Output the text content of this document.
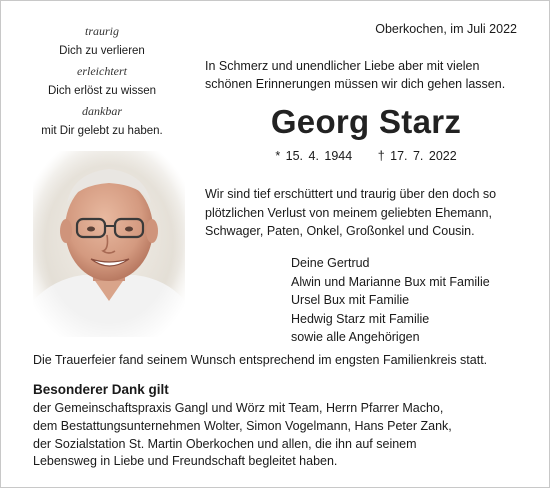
traurig
Dich zu verlieren
erleichtert
Dich erlöst zu wissen
dankbar
mit Dir gelebt zu haben.
Oberkochen, im Juli 2022
In Schmerz und unendlicher Liebe aber mit vielen
schönen Erinnerungen müssen wir dich gehen lassen.
Georg Starz
* 15. 4. 1944 † 17. 7. 2022
Wir sind tief erschüttert und traurig über den doch so
plötzlichen Verlust von meinem geliebten Ehemann,
Schwager, Paten, Onkel, Großonkel und Cousin.
Deine Gertrud
Alwin und Marianne Bux mit Familie
Ursel Bux mit Familie
Hedwig Starz mit Familie
sowie alle Angehörigen
Die Trauerfeier fand seinem Wunsch entsprechend im engsten Familienkreis statt.
Besonderer Dank gilt
der Gemeinschaftspraxis Gangl und Wörz mit Team, Herrn Pfarrer Macho,
dem Bestattungsunternehmen Wolter, Simon Vogelmann, Hans Peter Zank,
der Sozialstation St. Martin Oberkochen und allen, die ihn auf seinem
Lebensweg in Liebe und Freundschaft begleitet haben.
